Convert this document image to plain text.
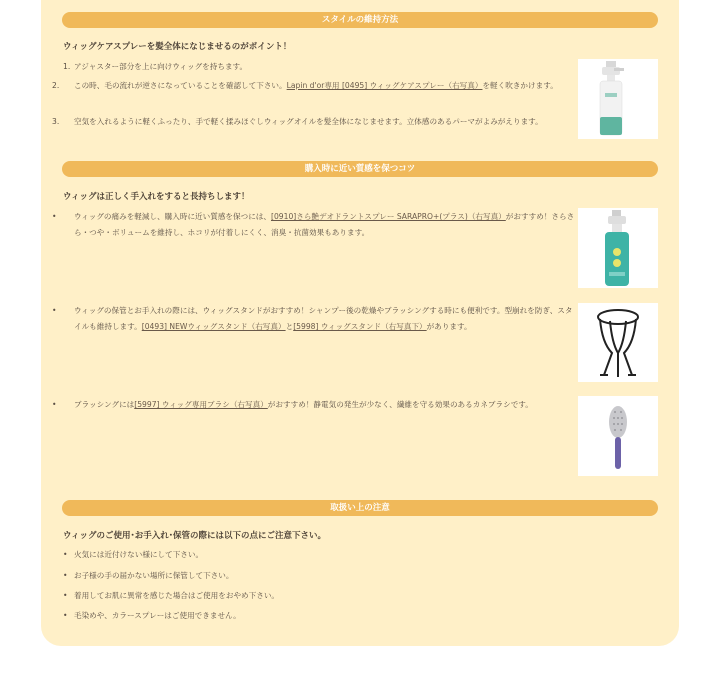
スタイルの維持方法
ウィッグケアスプレーを髪全体になじませるのがポイント！
1. アジャスター部分を上に向けウィッグを持ちます。
2. この時、毛の流れが逆さになっていることを確認して下さい。Lapin d'or専用 [0495] ウィッグケアスプレー（右写真）を軽く吹きかけます。
3. 空気を入れるように軽くふったり、手で軽く揉みほぐしウィッグオイルを髪全体になじませます。立体感のあるパーマがよみがえります。
購入時に近い質感を保つコツ
ウィッグは正しく手入れをすると長持ちします！
• ウィッグの痛みを軽減し、購入時に近い質感を保つには、[0910]さら艶デオドラントスプレー SARAPRO+(プラス)（右写真）がおすすめ！さらさら・つや・ボリュームを維持し、ホコリが付着しにくく、消臭・抗菌効果もあります。
• ウィッグの保管とお手入れの際には、ウィッグスタンドがおすすめ！シャンプー後の乾燥やブラッシングする時にも便利です。型崩れを防ぎ、スタイルも維持します。[0493] NEWウィッグスタンド（右写真）と[5998] ウィッグスタンド（右写真下）があります。
• ブラッシングには[5997] ウィッグ専用ブラシ（右写真）がおすすめ！静電気の発生が少なく、繊維を守る効果のあるカネブラシです。
取扱い上の注意
ウィッグのご使用･お手入れ･保管の際には以下の点にご注意下さい。
• 火気には近付けない様にして下さい。
• お子様の手の届かない場所に保管して下さい。
• 着用してお肌に異常を感じた場合はご使用をおやめ下さい。
• 毛染めや、カラースプレーはご使用できません。
